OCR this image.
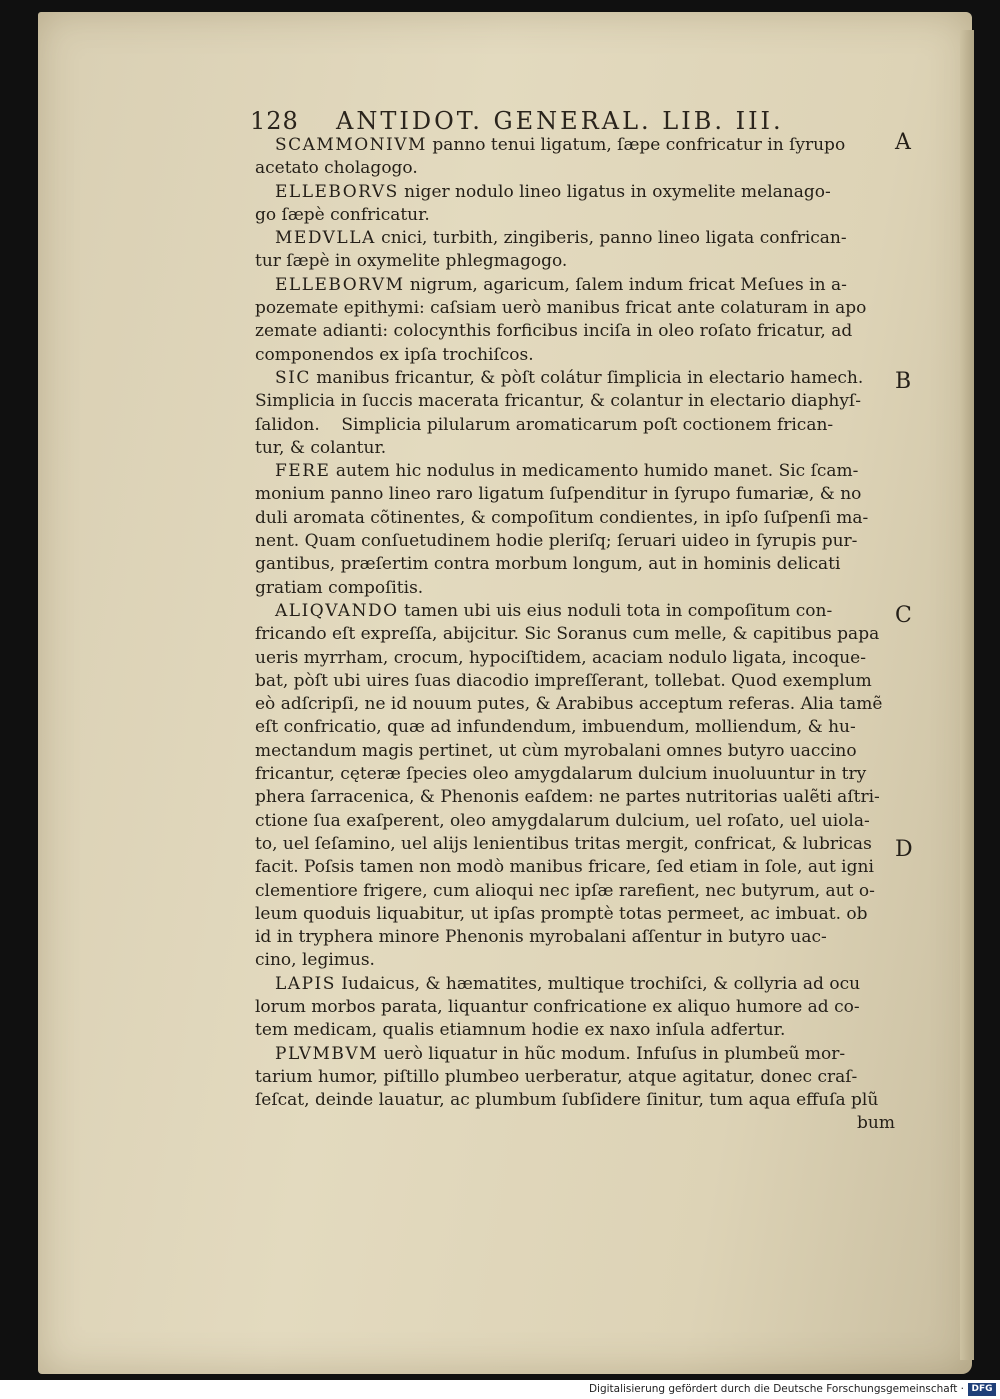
128 ANTIDOT. GENERAL. LIB. III.
SCAMMONIVM panno tenui ligatum, ſæpe confricatur in ſyrupo
acetato cholagogo.
ELLEBORVS niger nodulo lineo ligatus in oxymelite melanago-
go ſæpè confricatur.
MEDVLLA cnici, turbith, zingiberis, panno lineo ligata confrican-
tur ſæpè in oxymelite phlegmagogo.
ELLEBORVM nigrum, agaricum, ſalem indum fricat Meſues in a-
pozemate epithymi: caſsiam uerò manibus fricat ante colaturam in apo
zemate adianti: colocynthis forficibus inciſa in oleo roſato fricatur, ad
componendos ex ipſa trochiſcos.
SIC manibus fricantur, & pòſt colátur ſimplicia in electario hamech.
Simplicia in ſuccis macerata fricantur, & colantur in electario diaphyſ-
ſalidon.    Simplicia pilularum aromaticarum poſt coctionem frican-
tur, & colantur.
FERE autem hic nodulus in medicamento humido manet. Sic ſcam-
monium panno lineo raro ligatum ſuſpenditur in ſyrupo fumariæ, & no
duli aromata cõtinentes, & compoſitum condientes, in ipſo ſuſpenſi ma-
nent. Quam conſuetudinem hodie pleriſq; ſeruari uideo in ſyrupis pur-
gantibus, præſertim contra morbum longum, aut in hominis delicati
gratiam compoſitis.
ALIQVANDO tamen ubi uis eius noduli tota in compoſitum con-
fricando eſt expreſſa, abijcitur. Sic Soranus cum melle, & capitibus papa
ueris myrrham, crocum, hypociſtidem, acaciam nodulo ligata, incoque-
bat, pòſt ubi uires ſuas diacodio impreſſerant, tollebat. Quod exemplum
eò adſcripſi, ne id nouum putes, & Arabibus acceptum referas. Alia tamẽ
eſt confricatio, quæ ad infundendum, imbuendum, molliendum, & hu-
mectandum magis pertinet, ut cùm myrobalani omnes butyro uaccino
fricantur, cęteræ ſpecies oleo amygdalarum dulcium inuoluuntur in try
phera ſarracenica, & Phenonis eaſdem: ne partes nutritorias ualẽti aſtri-
ctione ſua exaſperent, oleo amygdalarum dulcium, uel roſato, uel uiola-
to, uel ſeſamino, uel alijs lenientibus tritas mergit, confricat, & lubricas
facit. Poſsis tamen non modò manibus fricare, ſed etiam in ſole, aut igni
clementiore frigere, cum alioqui nec ipſæ rarefient, nec butyrum, aut o-
leum quoduis liquabitur, ut ipſas promptè totas permeet, ac imbuat. ob
id in tryphera minore Phenonis myrobalani aſſentur in butyro uac-
cino, legimus.
LAPIS Iudaicus, & hæmatites, multique trochiſci, & collyria ad ocu
lorum morbos parata, liquantur confricatione ex aliquo humore ad co-
tem medicam, qualis etiamnum hodie ex naxo inſula adfertur.
PLVMBVM uerò liquatur in hũc modum. Infuſus in plumbeũ mor-
tarium humor, piſtillo plumbeo uerberatur, atque agitatur, donec craſ-
ſeſcat, deinde lauatur, ac plumbum ſubſidere ſinitur, tum aqua effuſa plũ
bum
A
B
C
D
Digitalisierung gefördert durch die Deutsche Forschungsgemeinschaft · DFG
